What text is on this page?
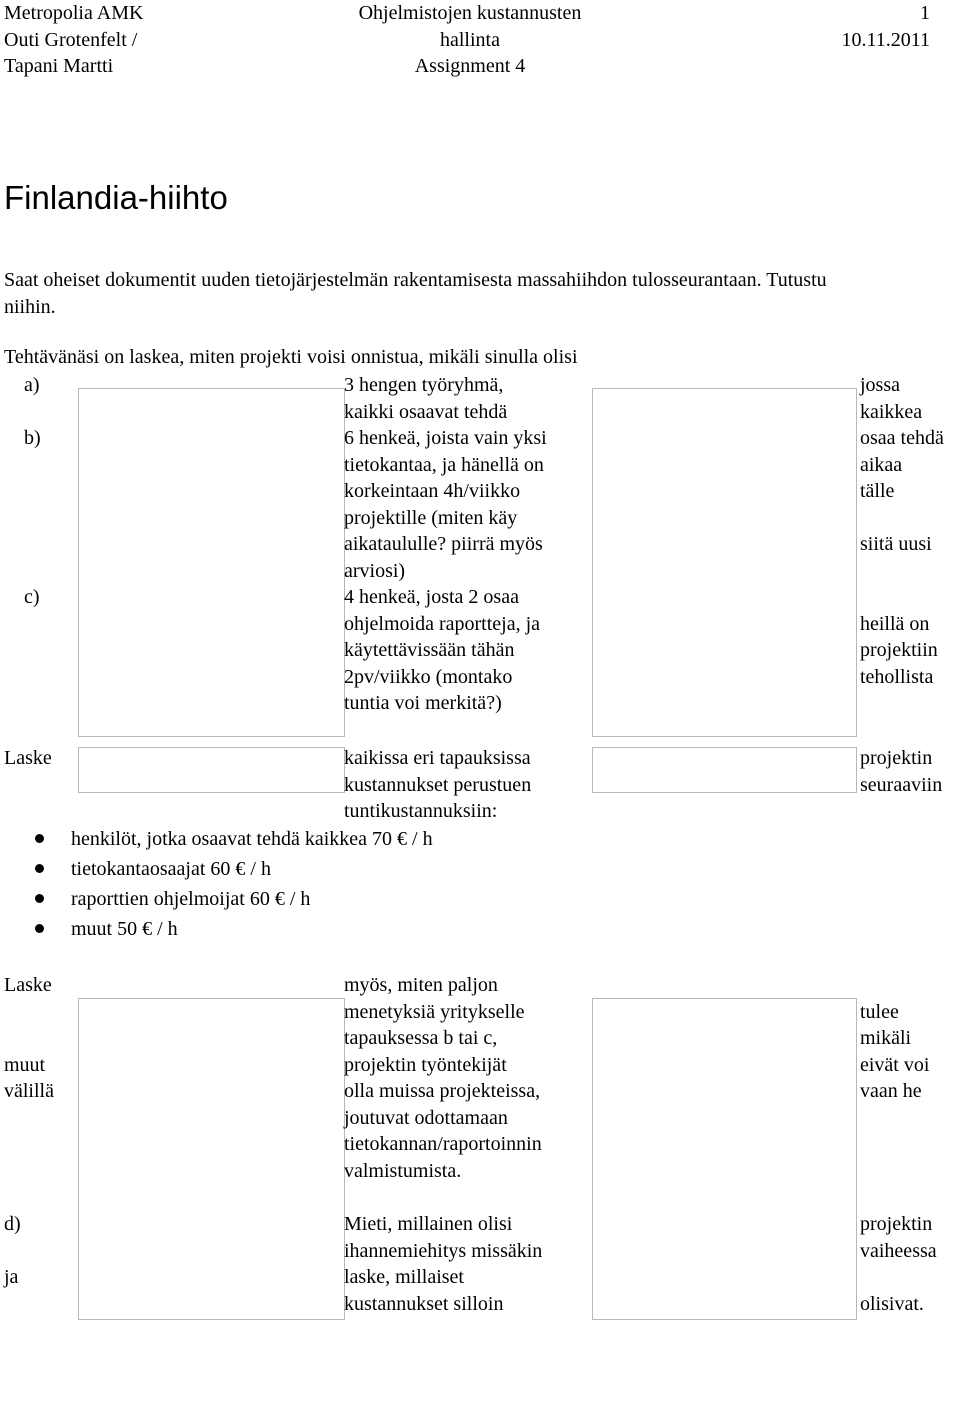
Metropolia AMK
Outi Grotenfelt /
Tapani Martti
Ohjelmistojen kustannusten
hallinta
Assignment 4
1
10.11.2011
Finlandia-hiihto
Saat oheiset dokumentit uuden tietojärjestelmän rakentamisesta massahiihdon tulosseurantaan. Tutustu
niihin.
Tehtävänäsi on laskea, miten projekti voisi onnistua, mikäli sinulla olisi
a)
b)
c)
3 hengen työryhmä,
kaikki osaavat tehdä
6 henkeä, joista vain yksi
tietokantaa, ja hänellä on
korkeintaan 4h/viikko
projektille (miten käy
aikataululle? piirrä myös
arviosi)
4 henkeä, josta 2 osaa
ohjelmoida raportteja, ja
käytettävissään tähän
2pv/viikko (montako
tuntia voi merkitä?)
jossa
kaikkea
osaa tehdä
aikaa
tälle
siitä uusi
heillä on
projektiin
tehollista
Laske	kaikissa eri tapauksissa
kustannukset perustuen
tuntikustannuksiin:
projektin
seuraaviin
henkilöt, jotka osaavat tehdä kaikkea 70 € / h
tietokantaosaajat 60 € / h
raporttien ohjelmoijat 60 € / h
muut 50 € / h
Laske
muut
välillä
myös, miten paljon
menetyksiä yritykselle
tapauksessa b tai c,
projektin työntekijät
olla muissa projekteissa,
joutuvat odottamaan
tietokannan/raportoinnin
valmistumista.
tulee
mikäli
eivät voi
vaan he
d)
ja
Mieti, millainen olisi
ihannemiehitys missäkin
laske, millaiset
kustannukset silloin
projektin
vaiheessa
olisivat.
